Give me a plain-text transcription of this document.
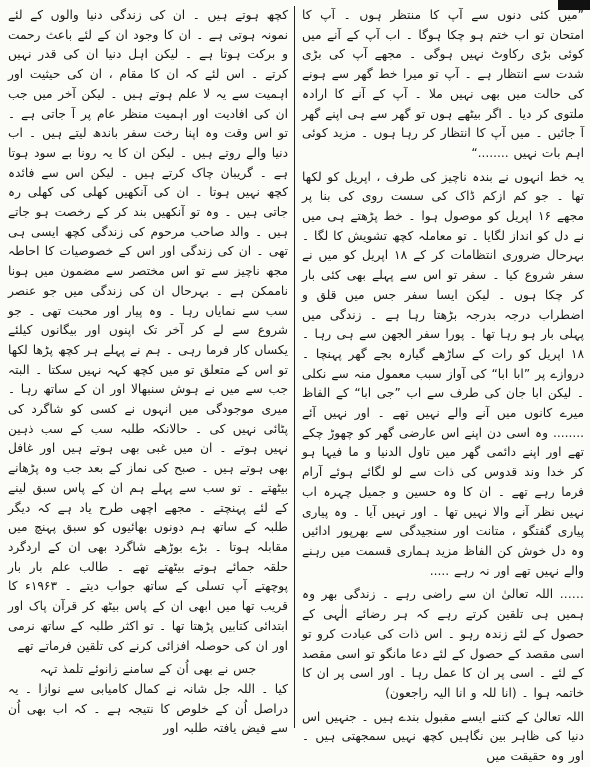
”میں کئی دنوں سے آپ کا منتظر ہوں ۔ آپ کا امتحان تو اب ختم ہو چکا ہوگا ۔ اب آپ کے آنے میں کوئی بڑی رکاوٹ نہیں ہوگی ۔ مجھے آپ کی بڑی شدت سے انتظار ہے ۔ آپ تو میرا خط گھر سے ہونے کی حالت میں بھی نہیں ملا ۔ آپ کے آنے کا ارادہ ملتوی کر دیا ۔ اگر بیٹھے ہوں تو گھر سے ہی اپنے گھر آ جائیں ۔ میں آپ کا انتظار کر رہا ہوں ۔ مزید کوئی اہم بات نہیں ........“

یہ خط انہوں نے بندہ ناچیز کی طرف ، اپریل کو لکھا تھا ۔ جو کم ازکم ڈاک کی سست روی کی بنا پر مجھے ۱۶ اپریل کو موصول ہوا ۔ خط پڑھتے ہی میں نے دل کو انداز لگایا ۔ تو معاملہ کچھ تشویش کا لگا ۔ بہرحال ضروری انتظامات کر کے ۱۸ اپریل کو میں نے سفر شروع کیا ۔ سفر تو اس سے پہلے بھی کئی بار کر چکا ہوں ۔ لیکن ایسا سفر جس میں قلق و اضطراب درجہ بدرجہ بڑھتا رہا ہے ۔ زندگی میں پہلی بار ہو رہا تھا ۔ پورا سفر الجھن سے ہی رہا ۔ ۱۸ اپریل کو رات کے ساڑھے گیارہ بجے گھر پہنچا ۔ دروازے پر ”ابا ابا“ کی آواز سبب معمول منہ سے نکلی ۔ لیکن ابا جان کی طرف سے اب ”جی ابا“ کے الفاظ میرے کانوں میں آنے والے نہیں تھے ۔ اور نہیں آئے ........ وہ اسی دن اپنے اس عارضی گھر کو چھوڑ چکے تھے اور اپنے دائمی گھر میں تاول الدنیا و ما فیہا ہو کر خدا وند قدوس کی ذات سے لو لگائے ہوئے آرام فرما رہے تھے ۔ ان کا وہ حسین و جمیل چہرہ اب نہیں نظر آنے والا نہیں تھا ۔ اور نہیں آیا ۔ وہ پیاری پیاری گفتگو ، متانت اور سنجیدگی سے بھرپور ادائیں وہ دل خوش کن الفاظ مزید ہماری قسمت میں رہنے والے نہیں تھے اور نہ رہے .....

…… اللہ تعالیٰ ان سے راضی رہے ۔ زندگی بھر وہ ہمیں ہی تلقین کرتے رہے کہ ہر رضائے الٰہی کے حصول کے لئے زندہ رہو ۔ اس ذات کی عبادت کرو تو اسی مقصد کے حصول کے لئے دعا مانگو تو اسی مقصد کے لئے ۔ اسی پر ان کا عمل رہا ۔ اور اسی پر ان کا خاتمہ ہوا ۔ (انا للہ و انا الیہ راجعون)

اللہ تعالیٰ کے کتنے ایسے مقبول بندے ہیں ۔ جنہیں اس دنیا کی ظاہر بین نگاہیں کچھ نہیں سمجھتی ہیں ۔ اور وہ حقیقت میں

کچھ ہوتے ہیں ۔ ان کی زندگی دنیا والوں کے لئے نمونہ ہوتی ہے ۔ ان کا وجود ان کے لئے باعث رحمت و برکت ہوتا ہے ۔ لیکن اہل دنیا ان کی قدر نہیں کرتے ۔ اس لئے کہ ان کا مقام ، ان کی حیثیت اور اہمیت سے یہ لا علم ہوتے ہیں ۔ لیکن آخر میں جب ان کی افادیت اور اہمیت منظر عام پر آ جاتی ہے ۔ تو اس وقت وہ اپنا رخت سفر باندھ لیتے ہیں ۔ اب دنیا والے روتے ہیں ۔ لیکن ان کا یہ رونا بے سود ہوتا ہے ۔ گریبان چاک کرتے ہیں ۔ لیکن اس سے فائدہ کچھ نہیں ہوتا ۔ ان کی آنکھیں کھلی کی کھلی رہ جاتی ہیں ۔ وہ تو آنکھیں بند کر کے رخصت ہو جاتے ہیں ۔ والد صاحب مرحوم کی زندگی کچھ ایسی ہی تھی ۔ ان کی زندگی اور اس کے خصوصیات کا احاطہ مجھ ناچیز سے تو اس مختصر سے مضمون میں ہونا ناممکن ہے ۔ بہرحال ان کی زندگی میں جو عنصر سب سے نمایاں رہا ۔ وہ پیار اور محبت تھی ۔ جو شروع سے لے کر آخر تک اپنوں اور بیگانوں کیلئے یکساں کار فرما رہی ۔ ہم نے پہلے ہر کچھ پڑھا لکھا تو اس کے متعلق تو میں کچھ کہہ نہیں سکتا ۔ البتہ جب سے میں نے ہوش سنبھالا اور ان کے ساتھ رہا ۔ میری موجودگی میں انہوں نے کسی کو شاگرد کی پٹائی نہیں کی ۔ حالانکہ طلبہ سب کے سب ذہین نہیں ہوتے ۔ ان میں غبی بھی ہوتے ہیں اور غافل بھی ہوتے ہیں ۔ صبح کی نماز کے بعد جب وہ پڑھانے بیٹھتے ۔ تو سب سے پہلے ہم ان کے پاس سبق لینے کے لئے پہنچتے ۔ مجھے اچھی طرح یاد ہے کہ دیگر طلبہ کے ساتھ ہم دونوں بھائیوں کو سبق پہنچ میں مقابلہ ہوتا ۔ بڑے بوڑھے شاگرد بھی ان کے اردگرد حلقہ جمائے ہوتے بیٹھتے تھے ۔ طالب علم بار بار پوچھتے آپ تسلی کے ساتھ جواب دیتے ۔ ۱۹۶۳ء کا قریب تھا میں ابھی ان کے پاس بیٹھ کر قرآن پاک اور ابتدائی کتابیں پڑھتا تھا ۔ تو اکثر طلبہ کے ساتھ نرمی اور ان کی حوصلہ افزائی کرنے کی تلقین فرماتے تھے

جس نے بھی اُن کے سامنے زانوئے تلمذ تہہ

کیا ۔ اللہ جل شانہ نے کمال کامیابی سے نوازا ۔ یہ دراصل اُن کے خلوص کا نتیجہ ہے ۔ کہ اب بھی اُن سے فیض یافتہ طلبہ اور
